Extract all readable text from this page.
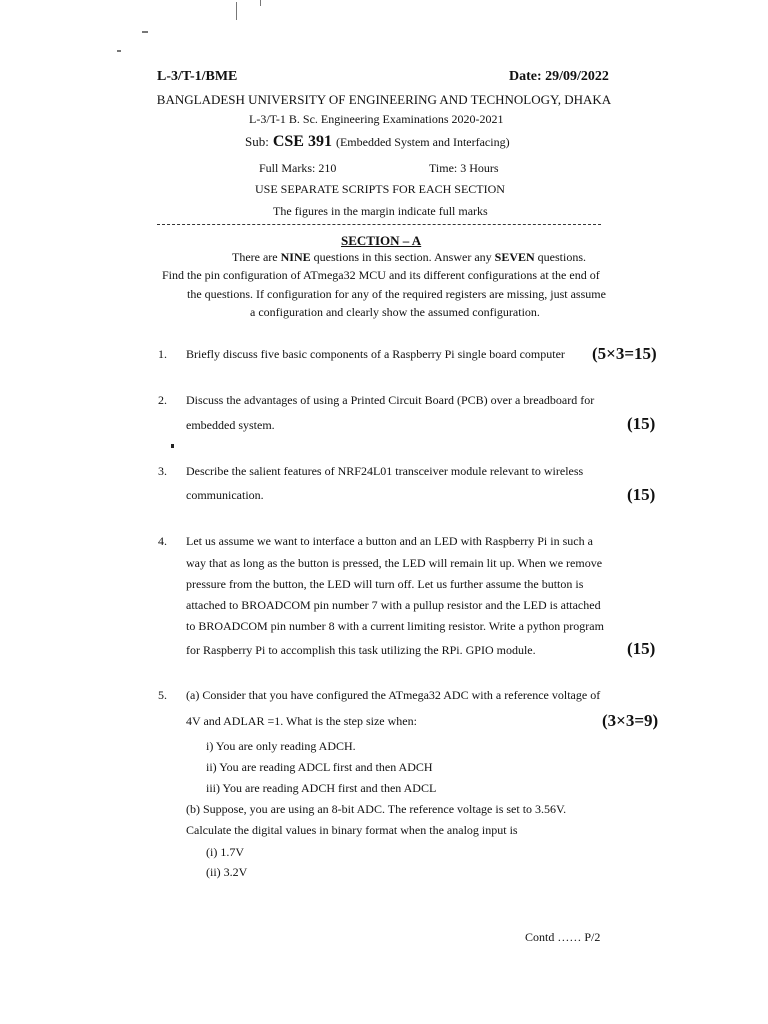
L-3/T-1/BME	Date: 29/09/2022
BANGLADESH UNIVERSITY OF ENGINEERING AND TECHNOLOGY, DHAKA
L-3/T-1 B. Sc. Engineering Examinations 2020-2021
Sub: CSE 391 (Embedded System and Interfacing)
Full Marks: 210	Time: 3 Hours
USE SEPARATE SCRIPTS FOR EACH SECTION
The figures in the margin indicate full marks
SECTION – A
There are NINE questions in this section. Answer any SEVEN questions.
Find the pin configuration of ATmega32 MCU and its different configurations at the end of
the questions. If configuration for any of the required registers are missing, just assume
a configuration and clearly show the assumed configuration.
1. Briefly discuss five basic components of a Raspberry Pi single board computer (5×3=15)
2. Discuss the advantages of using a Printed Circuit Board (PCB) over a breadboard for
embedded system.	(15)
3. Describe the salient features of NRF24L01 transceiver module relevant to wireless
communication.	(15)
4. Let us assume we want to interface a button and an LED with Raspberry Pi in such a
way that as long as the button is pressed, the LED will remain lit up. When we remove
pressure from the button, the LED will turn off. Let us further assume the button is
attached to BROADCOM pin number 7 with a pullup resistor and the LED is attached
to BROADCOM pin number 8 with a current limiting resistor. Write a python program
for Raspberry Pi to accomplish this task utilizing the RPi. GPIO module.	(15)
5. (a) Consider that you have configured the ATmega32 ADC with a reference voltage of
4V and ADLAR =1. What is the step size when:	(3×3=9)
i) You are only reading ADCH.
ii) You are reading ADCL first and then ADCH
iii) You are reading ADCH first and then ADCL
(b) Suppose, you are using an 8-bit ADC. The reference voltage is set to 3.56V.
Calculate the digital values in binary format when the analog input is
(i) 1.7V
(ii) 3.2V
Contd …… P/2
